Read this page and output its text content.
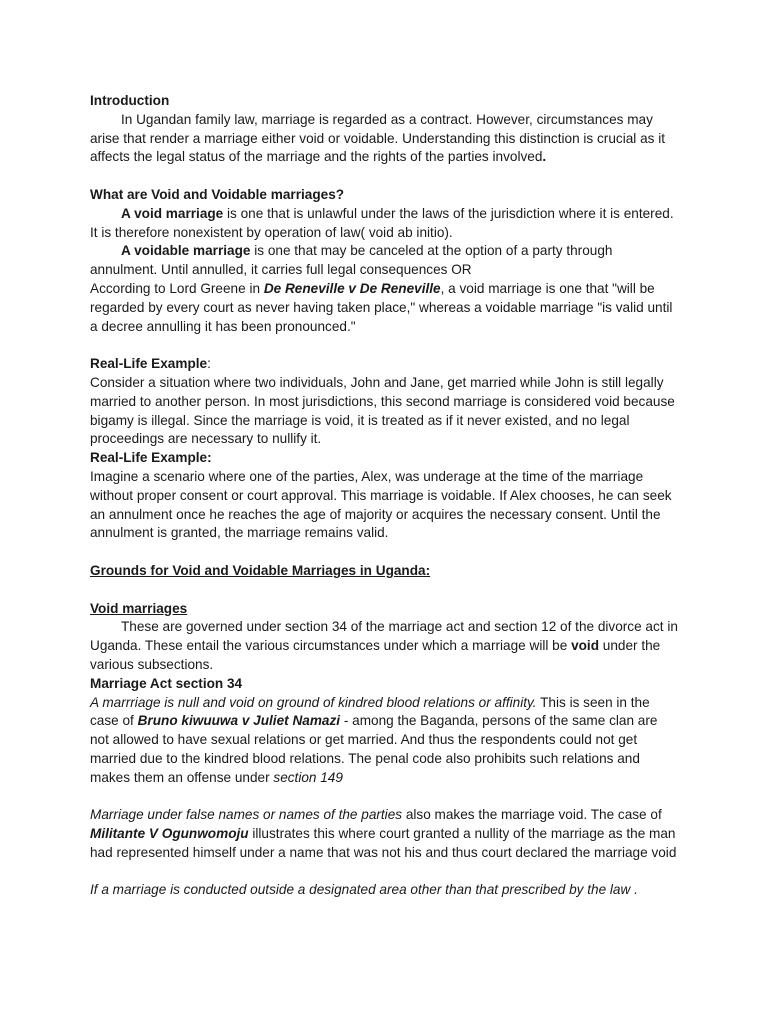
Introduction

In Ugandan family law, marriage is regarded as a contract. However, circumstances may arise that render a marriage either void or voidable. Understanding this distinction is crucial as it affects the legal status of the marriage and the rights of the parties involved.

What are Void and Voidable marriages?

A void marriage is one that is unlawful under the laws of the jurisdiction where it is entered. It is therefore nonexistent by operation of law( void ab initio).

A voidable marriage is one that may be canceled at the option of a party through annulment. Until annulled, it carries full legal consequences OR

According to Lord Greene in De Reneville v De Reneville, a void marriage is one that "will be regarded by every court as never having taken place," whereas a voidable marriage "is valid until a decree annulling it has been pronounced."

Real-Life Example:

Consider a situation where two individuals, John and Jane, get married while John is still legally married to another person. In most jurisdictions, this second marriage is considered void because bigamy is illegal. Since the marriage is void, it is treated as if it never existed, and no legal proceedings are necessary to nullify it.

Real-Life Example:

Imagine a scenario where one of the parties, Alex, was underage at the time of the marriage without proper consent or court approval. This marriage is voidable. If Alex chooses, he can seek an annulment once he reaches the age of majority or acquires the necessary consent. Until the annulment is granted, the marriage remains valid.

Grounds for Void and Voidable Marriages in Uganda:

Void marriages

These are governed under section 34 of the marriage act and section 12 of the divorce act in Uganda. These entail the various circumstances under which a marriage will be void under the various subsections.

Marriage Act section 34

A marrriage is null and void on ground of kindred blood relations or affinity. This is seen in the case of Bruno kiwuuwa v Juliet Namazi - among the Baganda, persons of the same clan are not allowed to have sexual relations or get married. And thus the respondents could not get married due to the kindred blood relations. The penal code also prohibits such relations and makes them an offense under section 149

Marriage under false names or names of the parties also makes the marriage void. The case of Militante V Ogunwomoju illustrates this where court granted a nullity of the marriage as the man had represented himself under a name that was not his and thus court declared the marriage void

If a marriage is conducted outside a designated area other than that prescribed by the law .
